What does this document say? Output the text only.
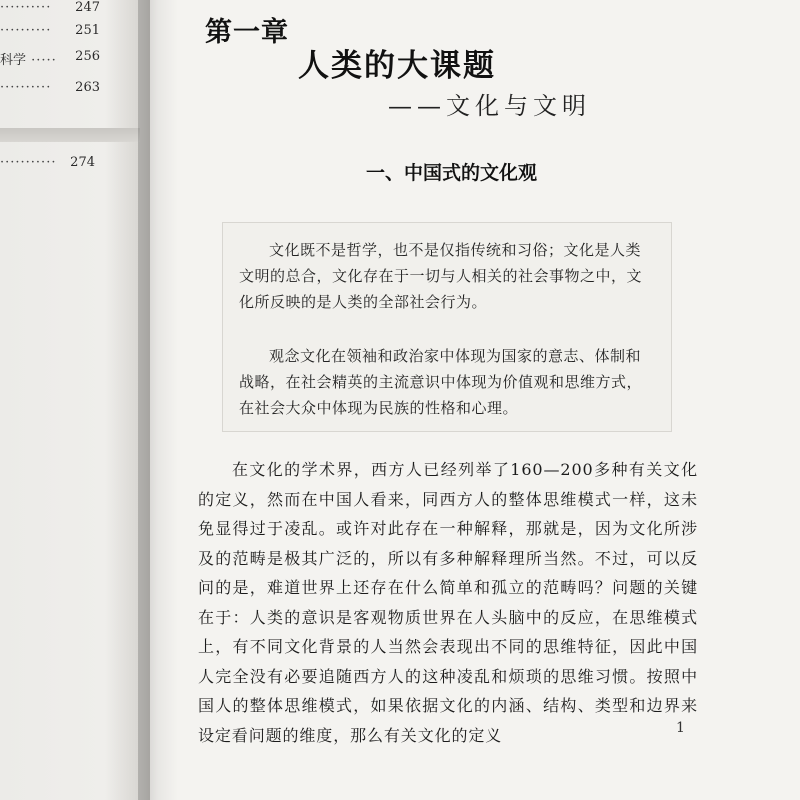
·········· 247
·········· 251
科学 ····· 256
·········· 263
··········· 274
第一章
人类的大课题
——文化与文明
一、中国式的文化观
文化既不是哲学，也不是仅指传统和习俗；文化是人类文明的总合，文化存在于一切与人相关的社会事物之中，文化所反映的是人类的全部社会行为。
观念文化在领袖和政治家中体现为国家的意志、体制和战略，在社会精英的主流意识中体现为价值观和思维方式，在社会大众中体现为民族的性格和心理。
在文化的学术界，西方人已经列举了160—200多种有关文化的定义，然而在中国人看来，同西方人的整体思维模式一样，这未免显得过于凌乱。或许对此存在一种解释，那就是，因为文化所涉及的范畴是极其广泛的，所以有多种解释理所当然。不过，可以反问的是，难道世界上还存在什么简单和孤立的范畴吗？问题的关键在于：人类的意识是客观物质世界在人头脑中的反应，在思维模式上，有不同文化背景的人当然会表现出不同的思维特征，因此中国人完全没有必要追随西方人的这种凌乱和烦琐的思维习惯。按照中国人的整体思维模式，如果依据文化的内涵、结构、类型和边界来设定看问题的维度，那么有关文化的定义	1
